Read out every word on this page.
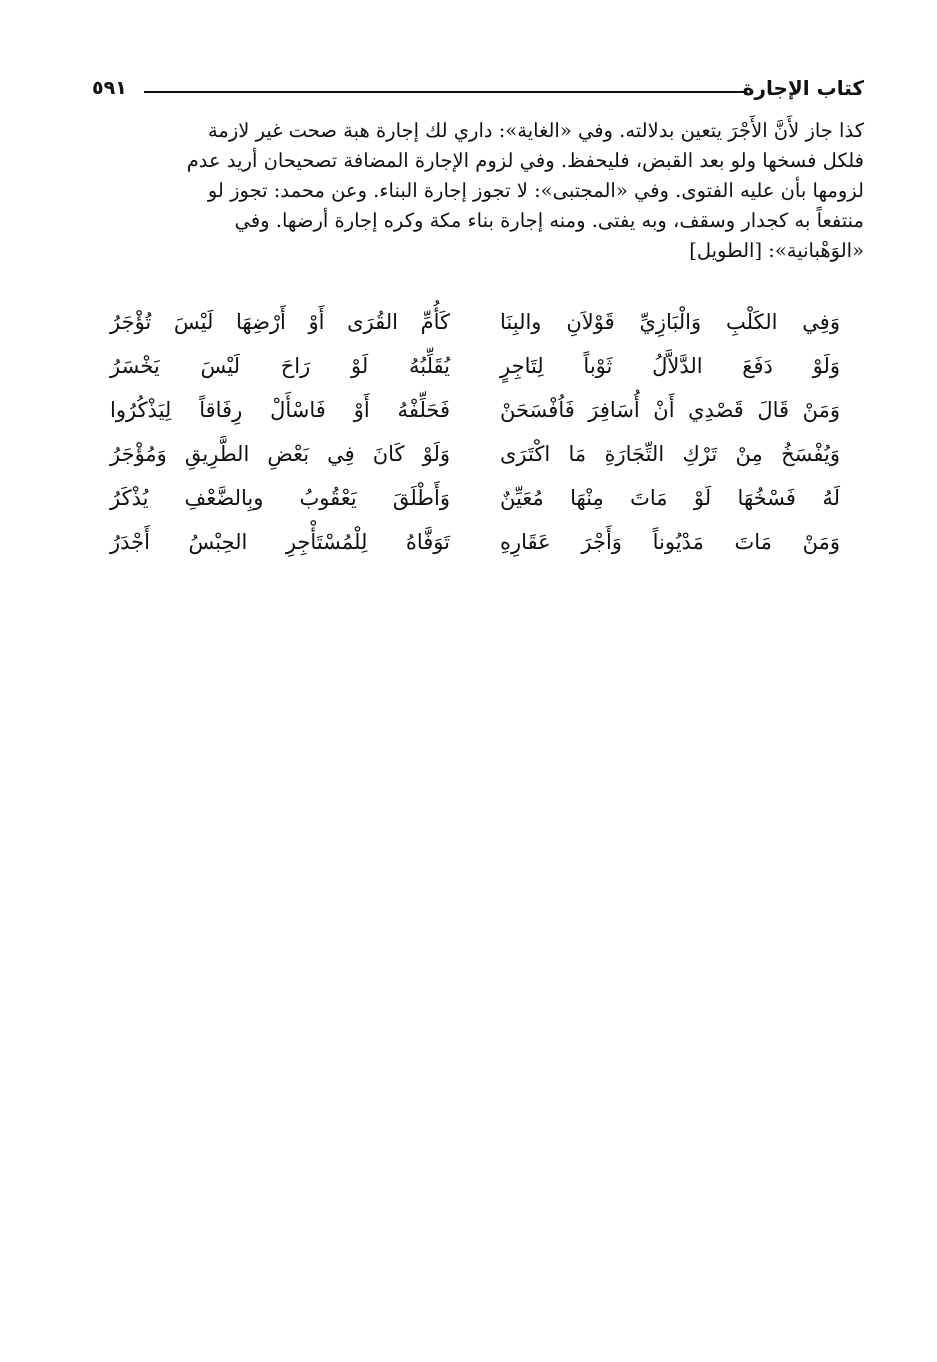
٥٩١	كتاب الإجارة
كذا جاز لأَنَّ الأَجْرَ يتعين بدلالته. وفي «الغاية»: داري لك إجارة هبة صحت غير لازمة
فلكل فسخها ولو بعد القبض، فليحفظ. وفي لزوم الإجارة المضافة تصحيحان أريد عدم
لزومها بأن عليه الفتوى. وفي «المجتبى»: لا تجوز إجارة البناء. وعن محمد: تجوز لو
منتفعاً به كجدار وسقف، وبه يفتى. ومنه إجارة بناء مكة وكره إجارة أرضها. وفي
«الوَهْبانية»: [الطويل]
وَفِي الكَلْبِ وَالْبَازِيِّ قَوْلاَنِ والبِنَا
كَأُمِّ القُرَى أَوْ أَرْضِهَا لَيْسَ تُؤْجَرُ
وَلَوْ دَفَعَ الدَّلاَّلُ ثَوْباً لِتَاجِرٍ
يُقَلِّبُهُ لَوْ رَاحَ لَيْسَ يَخْسَرُ
وَمَنْ قَالَ قَصْدِي أَنْ أُسَافِرَ فَاُفْسَحَنْ
فَحَلِّفْهُ أَوْ فَاسْأَلْ رِفَاقاً لِيَذْكُرُوا
وَيُفْسَخُ مِنْ تَرْكِ التِّجَارَةِ مَا اكْتَرَى
وَلَوْ كَانَ فِي بَعْضِ الطَّرِيقِ وَمُؤْجَرُ
لَهُ فَسْخُهَا لَوْ مَاتَ مِنْهَا مُعَيِّنٌ
وَأَطْلَقَ يَعْقُوبُ وبِالضَّعْفِ يُذْكَرُ
وَمَنْ مَاتَ مَدْيُوناً وَأَجْرَ عَقَارِهِ
تَوَفَّاهُ لِلْمُسْتَأْجِرِ الحِبْسُ أَجْدَرُ
